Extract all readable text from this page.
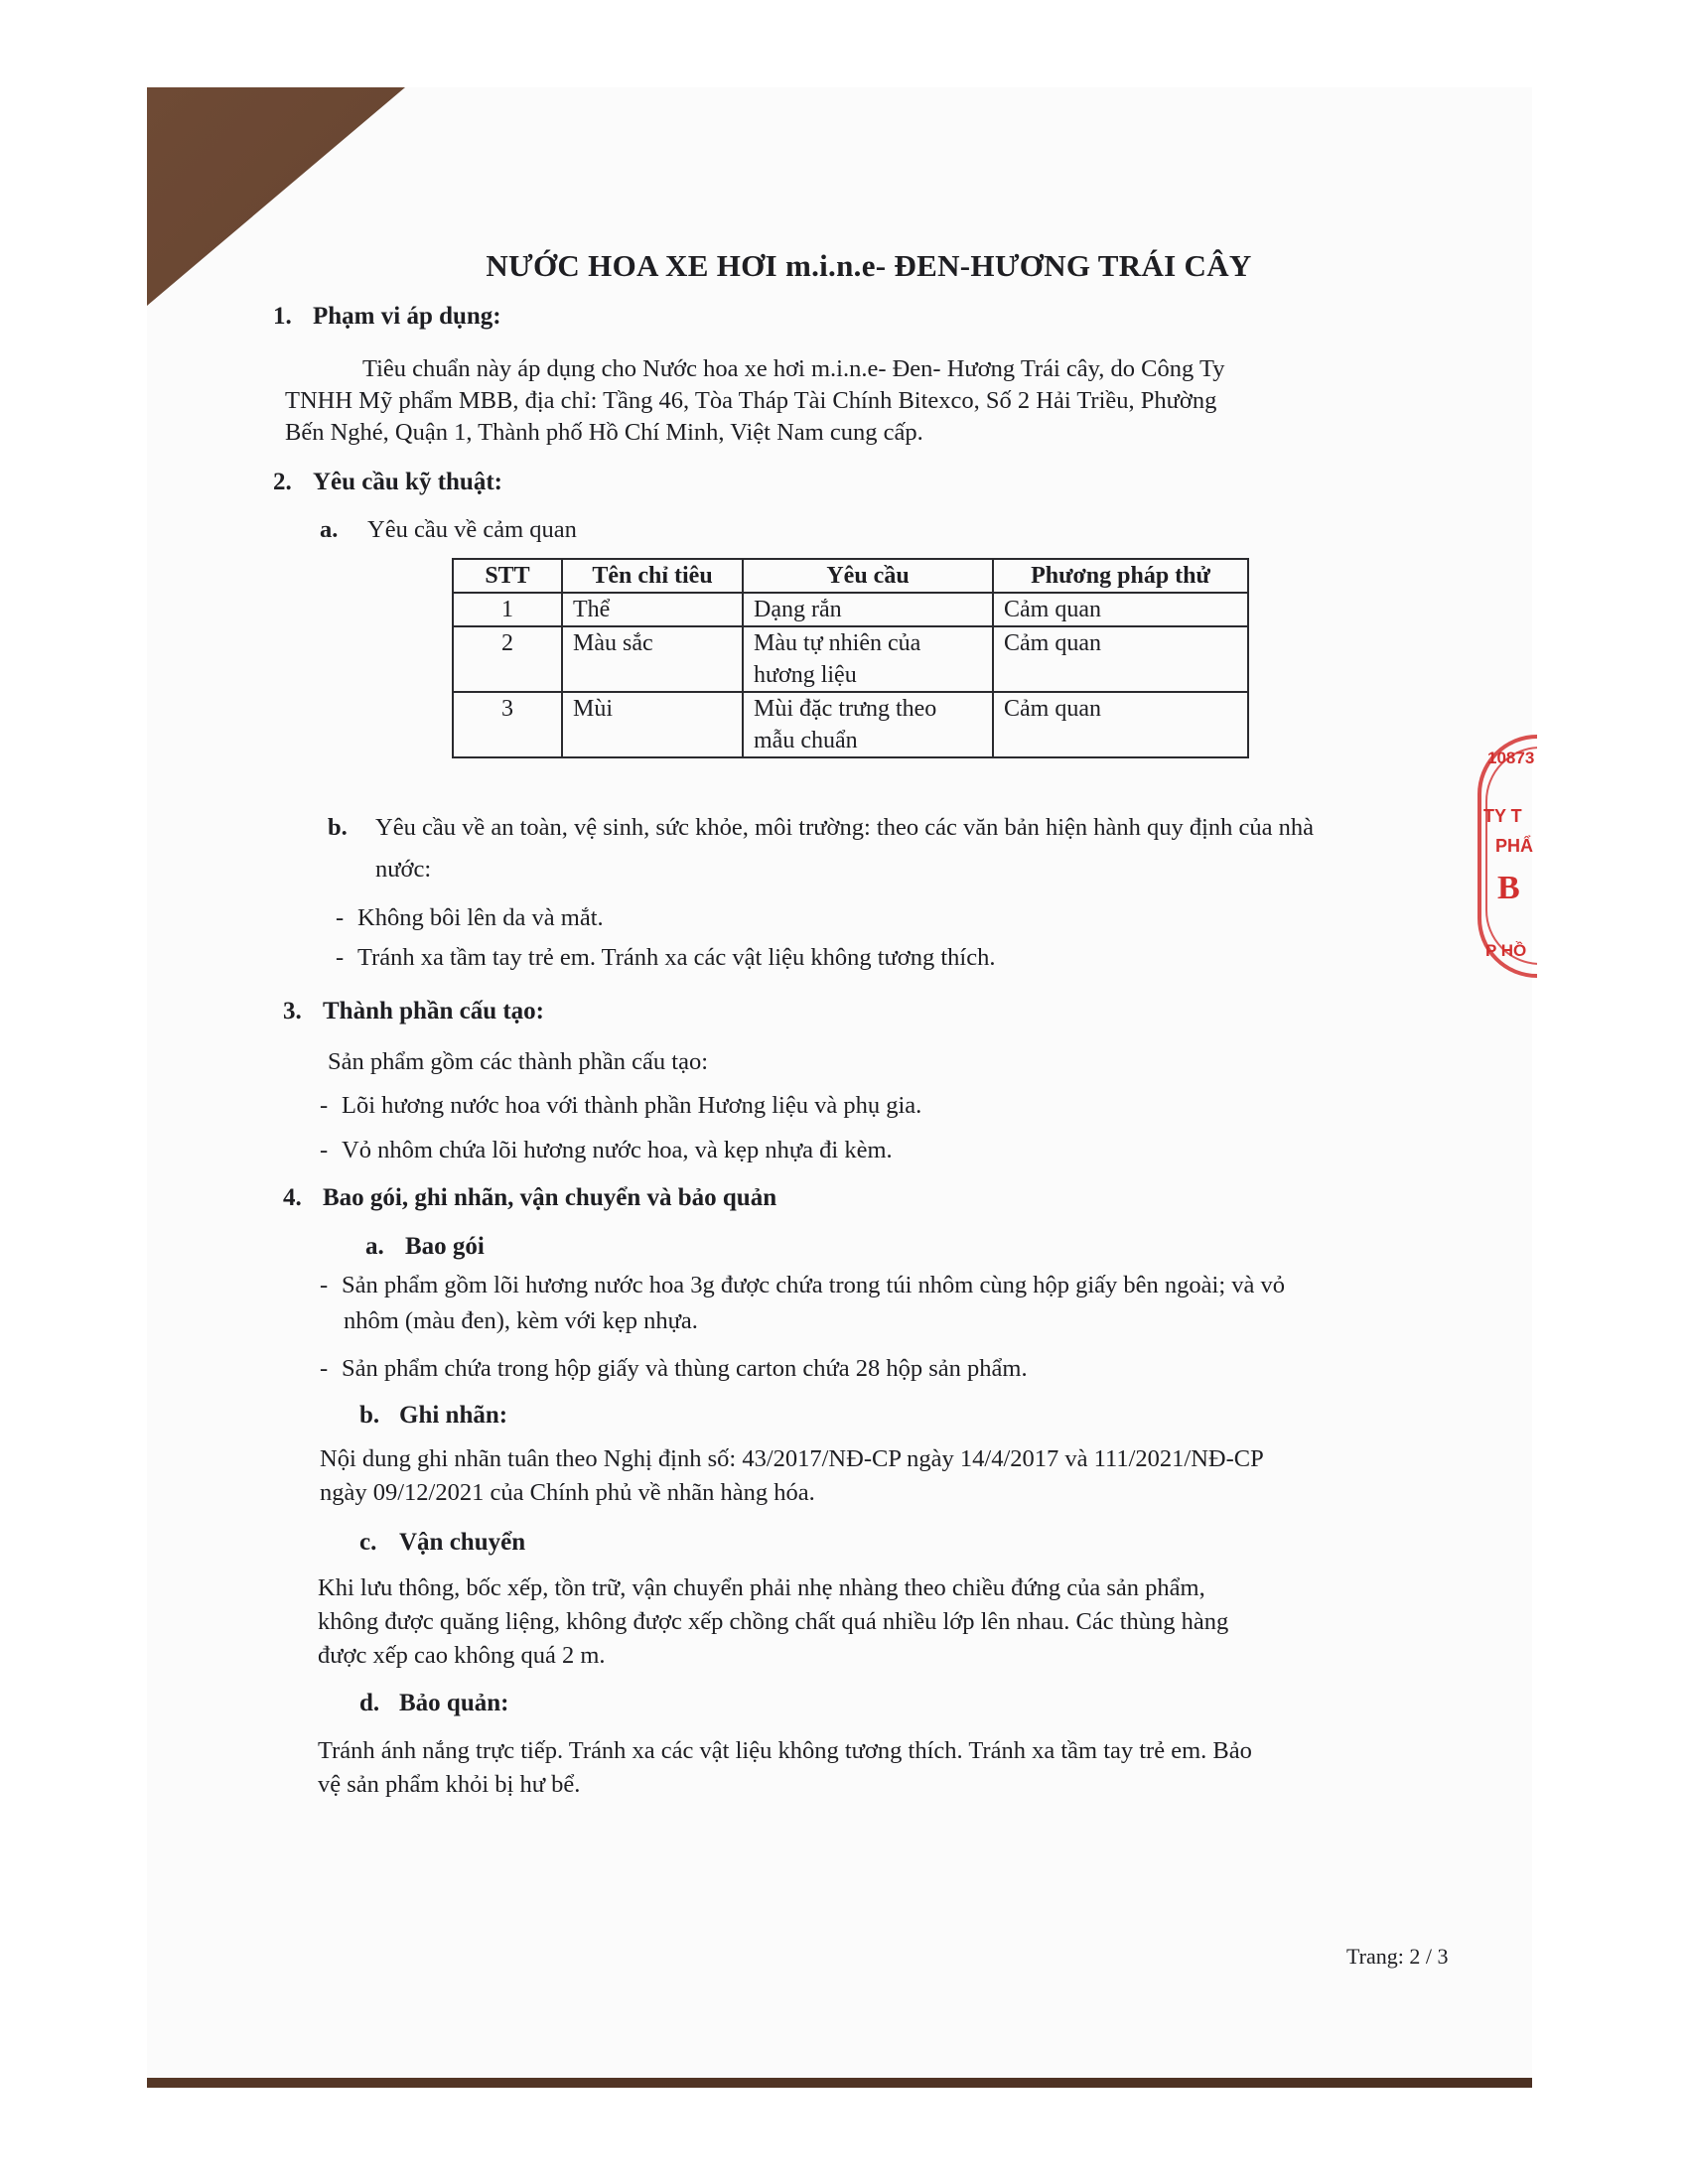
NƯỚC HOA XE HƠI m.i.n.e- ĐEN-HƯƠNG TRÁI CÂY
1. Phạm vi áp dụng:
Tiêu chuẩn này áp dụng cho Nước hoa xe hơi m.i.n.e- Đen- Hương Trái cây, do Công Ty
TNHH Mỹ phẩm MBB, địa chỉ: Tầng 46, Tòa Tháp Tài Chính Bitexco, Số 2 Hải Triều, Phường
Bến Nghé, Quận 1, Thành phố Hồ Chí Minh, Việt Nam cung cấp.
2. Yêu cầu kỹ thuật:
a. Yêu cầu về cảm quan
STT	Tên chỉ tiêu	Yêu cầu	Phương pháp thử
1	Thể	Dạng rắn	Cảm quan
2	Màu sắc	Màu tự nhiên của hương liệu	Cảm quan
3	Mùi	Mùi đặc trưng theo mẫu chuẩn	Cảm quan
b. Yêu cầu về an toàn, vệ sinh, sức khỏe, môi trường: theo các văn bản hiện hành quy định của nhà
nước:
- Không bôi lên da và mắt.
- Tránh xa tầm tay trẻ em. Tránh xa các vật liệu không tương thích.
3. Thành phần cấu tạo:
Sản phẩm gồm các thành phần cấu tạo:
- Lõi hương nước hoa với thành phần Hương liệu và phụ gia.
- Vỏ nhôm chứa lõi hương nước hoa, và kẹp nhựa đi kèm.
4. Bao gói, ghi nhãn, vận chuyển và bảo quản
a. Bao gói
- Sản phẩm gồm lõi hương nước hoa 3g được chứa trong túi nhôm cùng hộp giấy bên ngoài; và vỏ
nhôm (màu đen), kèm với kẹp nhựa.
- Sản phẩm chứa trong hộp giấy và thùng carton chứa 28 hộp sản phẩm.
b. Ghi nhãn:
Nội dung ghi nhãn tuân theo Nghị định số: 43/2017/NĐ-CP ngày 14/4/2017 và 111/2021/NĐ-CP
ngày 09/12/2021 của Chính phủ về nhãn hàng hóa.
c. Vận chuyển
Khi lưu thông, bốc xếp, tồn trữ, vận chuyển phải nhẹ nhàng theo chiều đứng của sản phẩm,
không được quăng liệng, không được xếp chồng chất quá nhiều lớp lên nhau. Các thùng hàng
được xếp cao không quá 2 m.
d. Bảo quản:
Tránh ánh nắng trực tiếp. Tránh xa các vật liệu không tương thích. Tránh xa tầm tay trẻ em. Bảo
vệ sản phẩm khỏi bị hư bể.
Trang: 2 / 3
10873
TY T
PHẨ
B
P HỒ
